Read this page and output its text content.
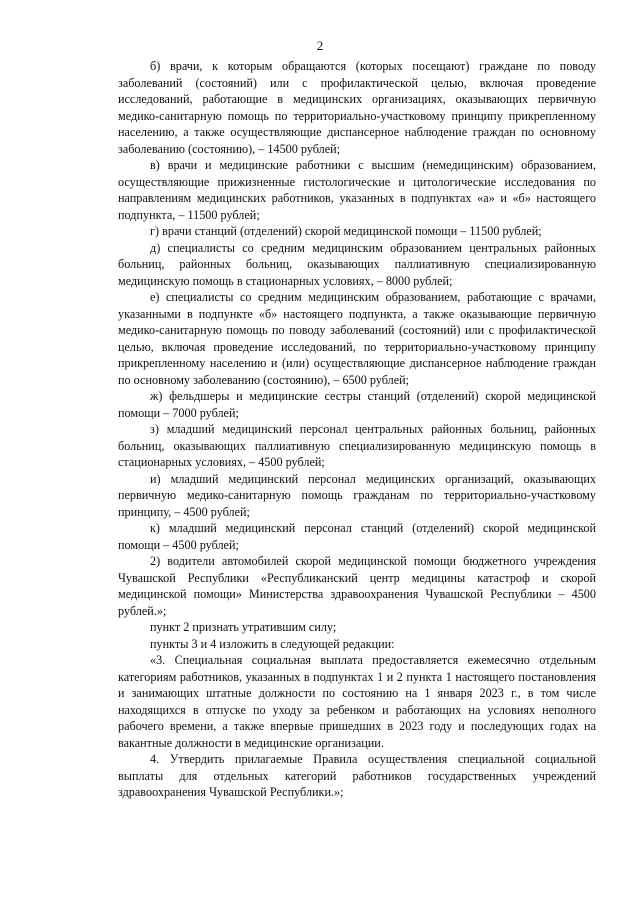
2

б) врачи, к которым обращаются (которых посещают) граждане по поводу заболеваний (состояний) или с профилактической целью, включая проведение исследований, работающие в медицинских организациях, оказывающих первичную медико-санитарную помощь по территориально-участковому принципу прикрепленному населению, а также осуществляющие диспансерное наблюдение граждан по основному заболеванию (состоянию), – 14500 рублей;

в) врачи и медицинские работники с высшим (немедицинским) образованием, осуществляющие прижизненные гистологические и цитологические исследования по направлениям медицинских работников, указанных в подпунктах «а» и «б» настоящего подпункта, – 11500 рублей;

г) врачи станций (отделений) скорой медицинской помощи – 11500 рублей;

д) специалисты со средним медицинским образованием центральных районных больниц, районных больниц, оказывающих паллиативную специализированную медицинскую помощь в стационарных условиях, – 8000 рублей;

е) специалисты со средним медицинским образованием, работающие с врачами, указанными в подпункте «б» настоящего подпункта, а также оказывающие первичную медико-санитарную помощь по поводу заболеваний (состояний) или с профилактической целью, включая проведение исследований, по территориально-участковому принципу прикрепленному населению и (или) осуществляющие диспансерное наблюдение граждан по основному заболеванию (состоянию), – 6500 рублей;

ж) фельдшеры и медицинские сестры станций (отделений) скорой медицинской помощи – 7000 рублей;

з) младший медицинский персонал центральных районных больниц, районных больниц, оказывающих паллиативную специализированную медицинскую помощь в стационарных условиях, – 4500 рублей;

и) младший медицинский персонал медицинских организаций, оказывающих первичную медико-санитарную помощь гражданам по территориально-участковому принципу, – 4500 рублей;

к) младший медицинский персонал станций (отделений) скорой медицинской помощи – 4500 рублей;

2) водители автомобилей скорой медицинской помощи бюджетного учреждения Чувашской Республики «Республиканский центр медицины катастроф и скорой медицинской помощи» Министерства здравоохранения Чувашской Республики – 4500 рублей.»;

пункт 2 признать утратившим силу;

пункты 3 и 4 изложить в следующей редакции:

«3. Специальная социальная выплата предоставляется ежемесячно отдельным категориям работников, указанных в подпунктах 1 и 2 пункта 1 настоящего постановления и занимающих штатные должности по состоянию на 1 января 2023 г., в том числе находящихся в отпуске по уходу за ребенком и работающих на условиях неполного рабочего времени, а также впервые пришедших в 2023 году и последующих годах на вакантные должности в медицинские организации.

4. Утвердить прилагаемые Правила осуществления специальной социальной выплаты для отдельных категорий работников государственных учреждений здравоохранения Чувашской Республики.»;
